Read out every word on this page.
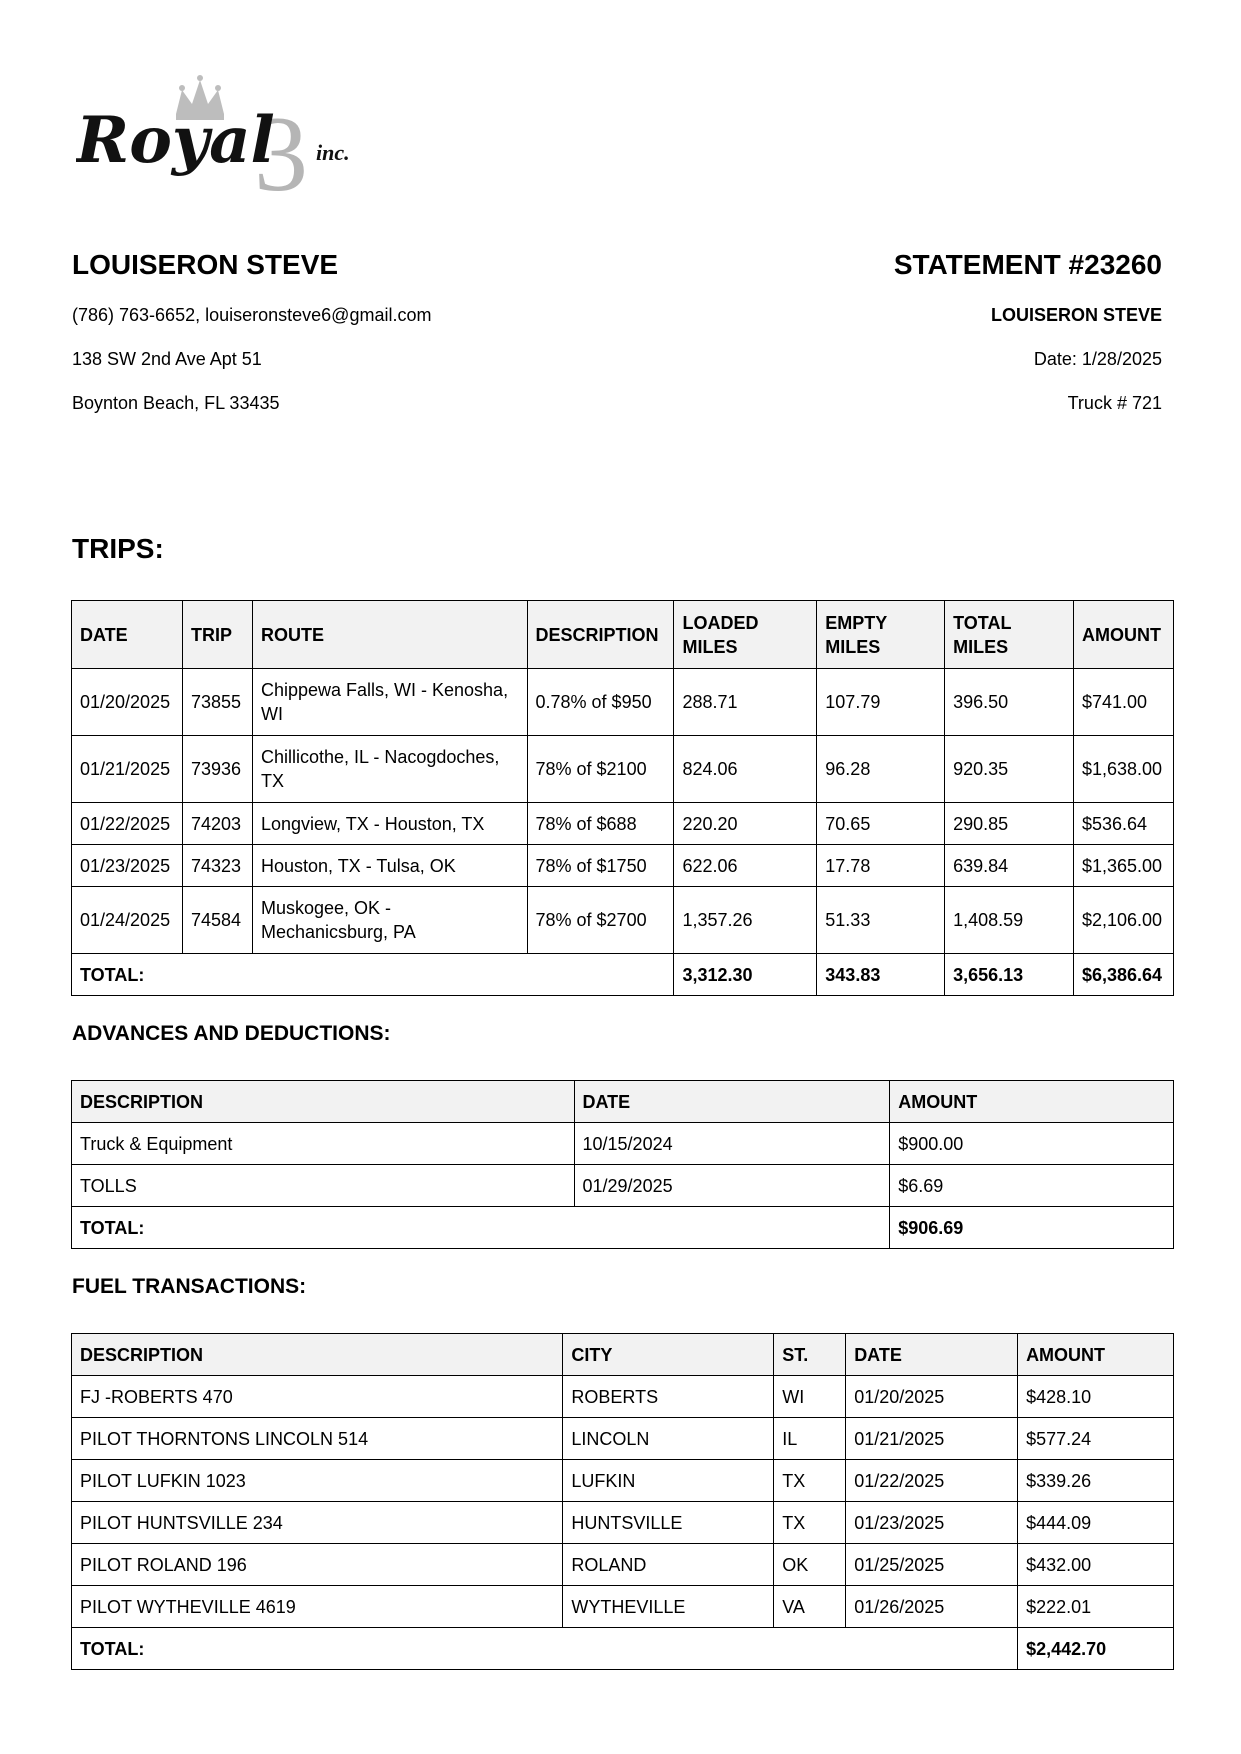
3
Royal inc.
LOUISERON STEVE
(786) 763-6652, louiseronsteve6@gmail.com
138 SW 2nd Ave Apt 51
Boynton Beach, FL 33435
STATEMENT #23260
LOUISERON STEVE
Date: 1/28/2025
Truck # 721
TRIPS:
DATE	TRIP	ROUTE	DESCRIPTION	LOADED MILES	EMPTY MILES	TOTAL MILES	AMOUNT
01/20/2025	73855	Chippewa Falls, WI - Kenosha, WI	0.78% of $950	288.71	107.79	396.50	$741.00
01/21/2025	73936	Chillicothe, IL - Nacogdoches, TX	78% of $2100	824.06	96.28	920.35	$1,638.00
01/22/2025	74203	Longview, TX - Houston, TX	78% of $688	220.20	70.65	290.85	$536.64
01/23/2025	74323	Houston, TX - Tulsa, OK	78% of $1750	622.06	17.78	639.84	$1,365.00
01/24/2025	74584	Muskogee, OK - Mechanicsburg, PA	78% of $2700	1,357.26	51.33	1,408.59	$2,106.00
TOTAL:				3,312.30	343.83	3,656.13	$6,386.64
ADVANCES AND DEDUCTIONS:
DESCRIPTION	DATE	AMOUNT
Truck & Equipment	10/15/2024	$900.00
TOLLS	01/29/2025	$6.69
TOTAL:		$906.69
FUEL TRANSACTIONS:
DESCRIPTION	CITY	ST.	DATE	AMOUNT
FJ -ROBERTS 470	ROBERTS	WI	01/20/2025	$428.10
PILOT THORNTONS LINCOLN 514	LINCOLN	IL	01/21/2025	$577.24
PILOT LUFKIN 1023	LUFKIN	TX	01/22/2025	$339.26
PILOT HUNTSVILLE 234	HUNTSVILLE	TX	01/23/2025	$444.09
PILOT ROLAND 196	ROLAND	OK	01/25/2025	$432.00
PILOT WYTHEVILLE 4619	WYTHEVILLE	VA	01/26/2025	$222.01
TOTAL:				$2,442.70
